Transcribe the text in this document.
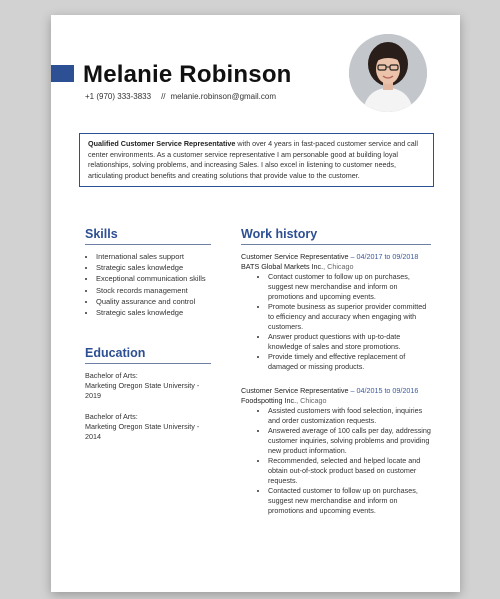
Melanie Robinson
+1 (970) 333-3833 // melanie.robinson@gmail.com
Qualified Customer Service Representative with over 4 years in fast-paced customer service and call center environments. As a customer service representative I am personable good at building loyal relationships, solving problems, and increasing Sales. I also excel in listening to customer needs, articulating product benefits and creating solutions that provide value to the customer.
Skills
• International sales support
• Strategic sales knowledge
• Exceptional communication skills
• Stock records management
• Quality assurance and control
• Strategic sales knowledge
Education
Bachelor of Arts:
Marketing Oregon State University - 2019
Bachelor of Arts:
Marketing Oregon State University - 2014
Work history
Customer Service Representative – 04/2017 to 09/2018
BATS Global Markets Inc., Chicago
• Contact customer to follow up on purchases, suggest new merchandise and inform on promotions and upcoming events.
• Promote business as superior provider committed to efficiency and accuracy when engaging with customers.
• Answer product questions with up-to-date knowledge of sales and store promotions.
• Provide timely and effective replacement of damaged or missing products.
Customer Service Representative – 04/2015 to 09/2016
Foodspotting Inc., Chicago
• Assisted customers with food selection, inquiries and order customization requests.
• Answered average of 100 calls per day, addressing customer inquiries, solving problems and providing new product information.
• Recommended, selected and helped locate and obtain out-of-stock product based on customer requests.
• Contacted customer to follow up on purchases, suggest new merchandise and inform on promotions and upcoming events.
